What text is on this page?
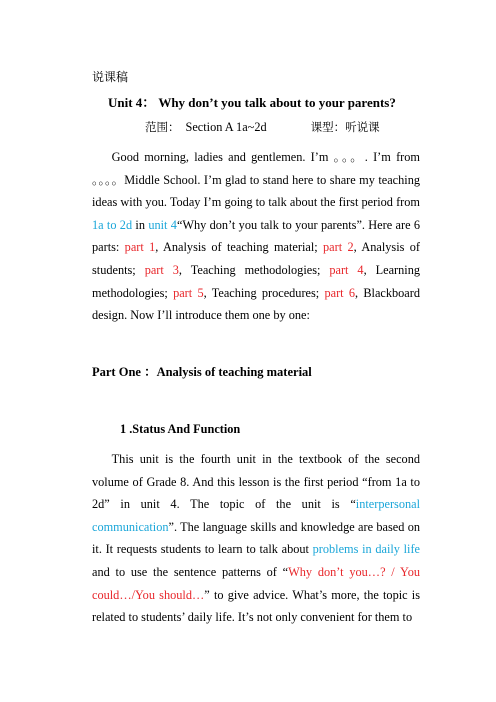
说课稿
Unit 4： Why don’t you talk about to your parents?
范围： Section A 1a~2d	课型：听说课

Good morning, ladies and gentlemen. I’m 。。。. I’m from 。。。。Middle School. I’m glad to stand here to share my teaching ideas with you. Today I’m going to talk about the first period from 1a to 2d in unit 4“Why don’t you talk to your parents”. Here are 6 parts: part 1, Analysis of teaching material; part 2, Analysis of students; part 3, Teaching methodologies; part 4, Learning methodologies; part 5, Teaching procedures; part 6, Blackboard design. Now I’ll introduce them one by one:

Part One ：Analysis of teaching material
1 .Status And Function

This unit is the fourth unit in the textbook of the second volume of Grade 8. And this lesson is the first period “from 1a to 2d” in unit 4. The topic of the unit is “interpersonal communication”. The language skills and knowledge are based on it. It requests students to learn to talk about problems in daily life and to use the sentence patterns of “Why don’t you…? / You could…/You should…” to give advice. What’s more, the topic is related to students’ daily life. It’s not only convenient for them to
